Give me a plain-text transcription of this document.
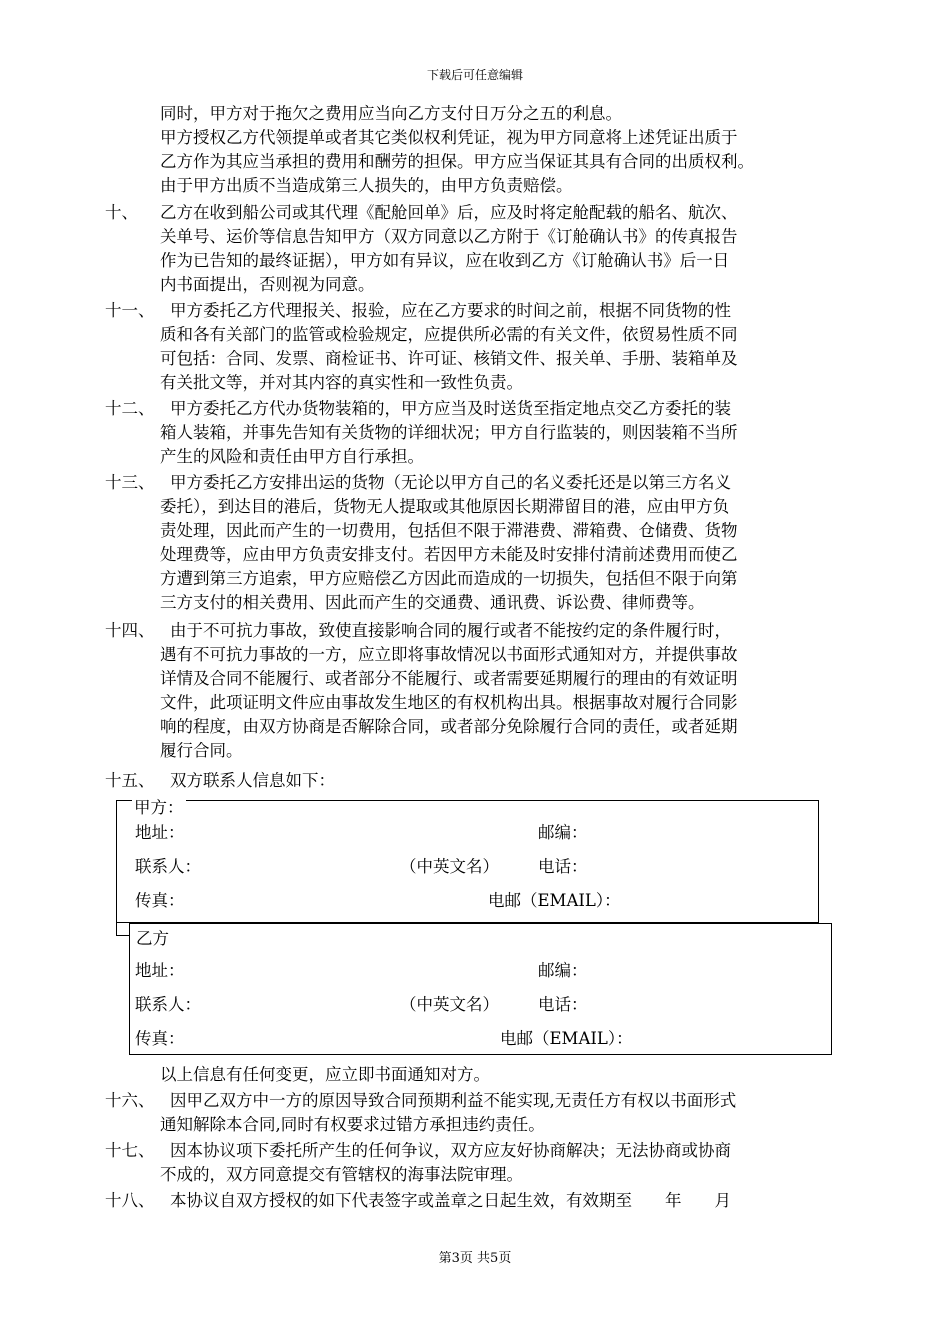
下载后可任意编辑
同时，甲方对于拖欠之费用应当向乙方支付日万分之五的利息。
甲方授权乙方代领提单或者其它类似权利凭证，视为甲方同意将上述凭证出质于
乙方作为其应当承担的费用和酬劳的担保。甲方应当保证其具有合同的出质权利。
由于甲方出质不当造成第三人损失的，由甲方负责赔偿。
十、 乙方在收到船公司或其代理《配舱回单》后，应及时将定舱配载的船名、航次、
关单号、运价等信息告知甲方（双方同意以乙方附于《订舱确认书》的传真报告
作为已告知的最终证据），甲方如有异议，应在收到乙方《订舱确认书》后一日
内书面提出，否则视为同意。
十一、 甲方委托乙方代理报关、报验，应在乙方要求的时间之前，根据不同货物的性
质和各有关部门的监管或检验规定，应提供所必需的有关文件，依贸易性质不同
可包括：合同、发票、商检证书、许可证、核销文件、报关单、手册、装箱单及
有关批文等，并对其内容的真实性和一致性负责。
十二、 甲方委托乙方代办货物装箱的，甲方应当及时送货至指定地点交乙方委托的装
箱人装箱，并事先告知有关货物的详细状况；甲方自行监装的，则因装箱不当所
产生的风险和责任由甲方自行承担。
十三、 甲方委托乙方安排出运的货物（无论以甲方自己的名义委托还是以第三方名义
委托），到达目的港后，货物无人提取或其他原因长期滞留目的港，应由甲方负
责处理，因此而产生的一切费用，包括但不限于滞港费、滞箱费、仓储费、货物
处理费等，应由甲方负责安排支付。若因甲方未能及时安排付清前述费用而使乙
方遭到第三方追索，甲方应赔偿乙方因此而造成的一切损失，包括但不限于向第
三方支付的相关费用、因此而产生的交通费、通讯费、诉讼费、律师费等。
十四、 由于不可抗力事故，致使直接影响合同的履行或者不能按约定的条件履行时，
遇有不可抗力事故的一方，应立即将事故情况以书面形式通知对方，并提供事故
详情及合同不能履行、或者部分不能履行、或者需要延期履行的理由的有效证明
文件，此项证明文件应由事故发生地区的有权机构出具。根据事故对履行合同影
响的程度，由双方协商是否解除合同，或者部分免除履行合同的责任，或者延期
履行合同。
十五、 双方联系人信息如下：
甲方：
地址：	邮编：
联系人：	（中英文名） 电话：
传真：	电邮（EMAIL）：
乙方
地址：	邮编：
联系人：	（中英文名） 电话：
传真：	电邮（EMAIL）：
以上信息有任何变更，应立即书面通知对方。
十六、 因甲乙双方中一方的原因导致合同预期利益不能实现,无责任方有权以书面形式
通知解除本合同,同时有权要求过错方承担违约责任。
十七、 因本协议项下委托所产生的任何争议，双方应友好协商解决；无法协商或协商
不成的，双方同意提交有管辖权的海事法院审理。
十八、 本协议自双方授权的如下代表签字或盖章之日起生效，有效期至　　年　　月
第3页 共5页
